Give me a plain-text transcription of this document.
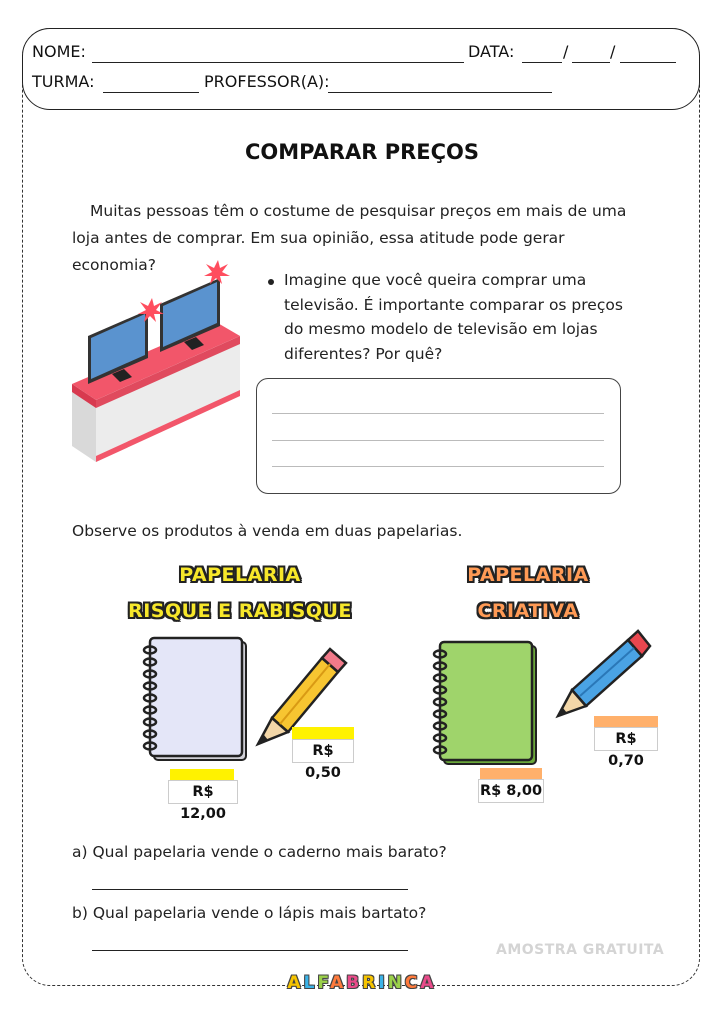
NOME:	DATA:	/	/
TURMA:	PROFESSOR(A):
COMPARAR PREÇOS
Muitas pessoas têm o costume de pesquisar preços em mais de uma loja antes de comprar. Em sua opinião, essa atitude pode gerar economia?
Imagine que você queira comprar uma televisão. É importante comparar os preços do mesmo modelo de televisão em lojas diferentes? Por quê?
Observe os produtos à venda em duas papelarias.
PAPELARIA
RISQUE E RABISQUE
PAPELARIA
CRIATIVA
R$ 0,50
R$ 12,00
R$ 0,70
R$ 8,00
a) Qual papelaria vende o caderno mais barato?
b) Qual papelaria vende o lápis mais bartato?
AMOSTRA GRATUITA
ALFABRINCA
